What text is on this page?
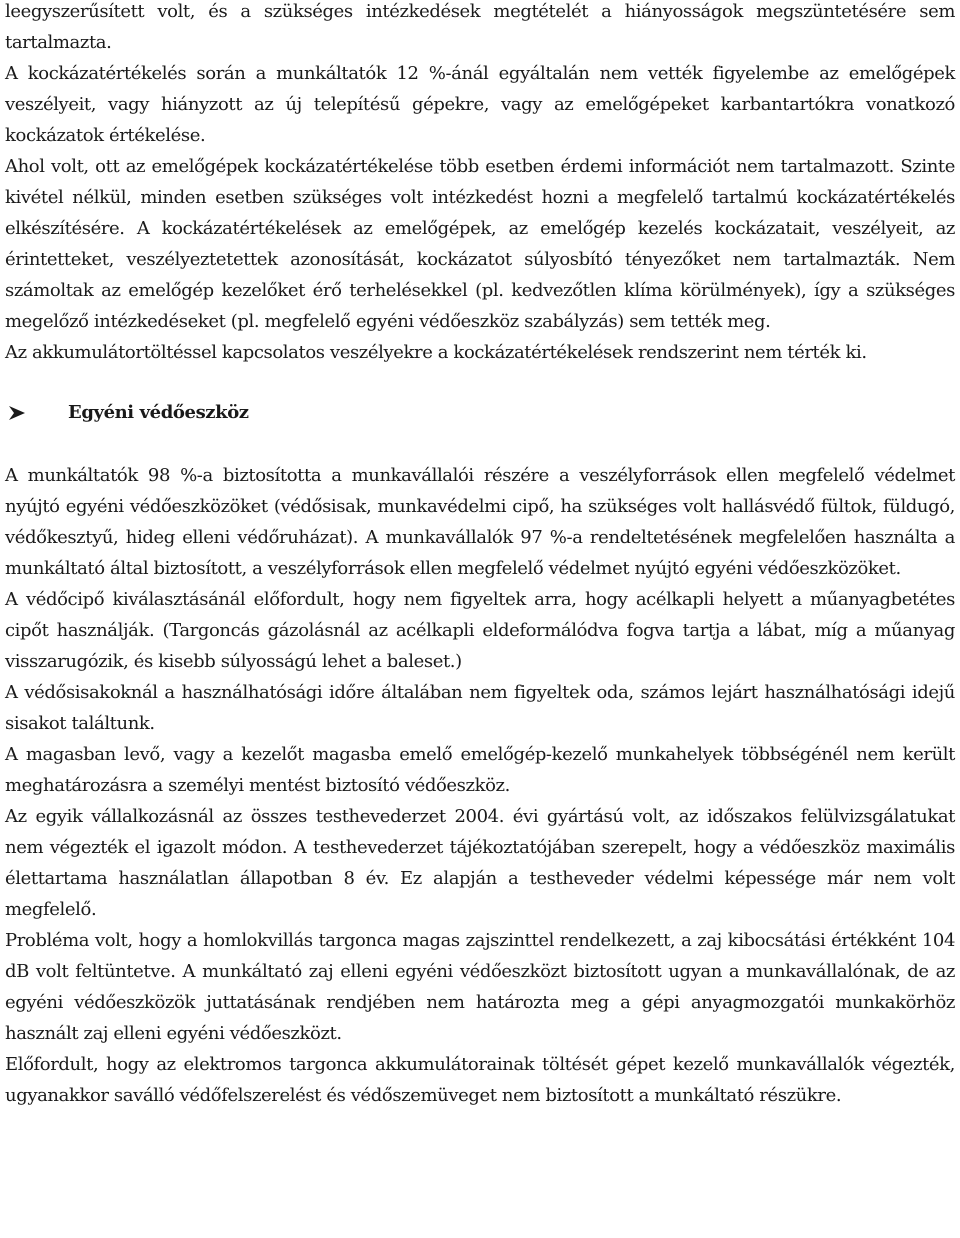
leegyszerűsített volt, és a szükséges intézkedések megtételét a hiányosságok megszüntetésére sem tartalmazta.

A kockázatértékelés során a munkáltatók 12 %-ánál egyáltalán nem vették figyelembe az emelőgépek veszélyeit, vagy hiányzott az új telepítésű gépekre, vagy az emelőgépeket karbantartókra vonatkozó kockázatok értékelése.

Ahol volt, ott az emelőgépek kockázatértékelése több esetben érdemi információt nem tartalmazott. Szinte kivétel nélkül, minden esetben szükséges volt intézkedést hozni a megfelelő tartalmú kockázatértékelés elkészítésére. A kockázatértékelések az emelőgépek, az emelőgép kezelés kockázatait, veszélyeit, az érintetteket, veszélyeztetettek azonosítását, kockázatot súlyosbító tényezőket nem tartalmazták. Nem számoltak az emelőgép kezelőket érő terhelésekkel (pl. kedvezőtlen klíma körülmények), így a szükséges megelőző intézkedéseket (pl. megfelelő egyéni védőeszköz szabályzás) sem tették meg.

Az akkumulátortöltéssel kapcsolatos veszélyekre a kockázatértékelések rendszerint nem térték ki.

Egyéni védőeszköz

A munkáltatók 98 %-a biztosította a munkavállalói részére a veszélyforrások ellen megfelelő védelmet nyújtó egyéni védőeszközöket (védősisak, munkavédelmi cipő, ha szükséges volt hallásvédő fültok, füldugó, védőkesztyű, hideg elleni védőruházat). A munkavállalók 97 %-a rendeltetésének megfelelően használta a munkáltató által biztosított, a veszélyforrások ellen megfelelő védelmet nyújtó egyéni védőeszközöket.

A védőcipő kiválasztásánál előfordult, hogy nem figyeltek arra, hogy acélkapli helyett a műanyagbetétes cipőt használják. (Targoncás gázolásnál az acélkapli eldeformálódva fogva tartja a lábat, míg a műanyag visszarugózik, és kisebb súlyosságú lehet a baleset.)

A védősisakoknál a használhatósági időre általában nem figyeltek oda, számos lejárt használhatósági idejű sisakot találtunk.

A magasban levő, vagy a kezelőt magasba emelő emelőgép-kezelő munkahelyek többségénél nem került meghatározásra a személyi mentést biztosító védőeszköz.

Az egyik vállalkozásnál az összes testhevederzet 2004. évi gyártású volt, az időszakos felülvizsgálatukat nem végezték el igazolt módon. A testhevederzet tájékoztatójában szerepelt, hogy a védőeszköz maximális élettartama használatlan állapotban 8 év. Ez alapján a testheveder védelmi képessége már nem volt megfelelő.

Probléma volt, hogy a homlokvillás targonca magas zajszinttel rendelkezett, a zaj kibocsátási értékként 104 dB volt feltüntetve. A munkáltató zaj elleni egyéni védőeszközt biztosított ugyan a munkavállalónak, de az egyéni védőeszközök juttatásának rendjében nem határozta meg a gépi anyagmozgatói munkakörhöz használt zaj elleni egyéni védőeszközt.

Előfordult, hogy az elektromos targonca akkumulátorainak töltését gépet kezelő munkavállalók végezték, ugyanakkor saválló védőfelszerelést és védőszemüveget nem biztosított a munkáltató részükre.
